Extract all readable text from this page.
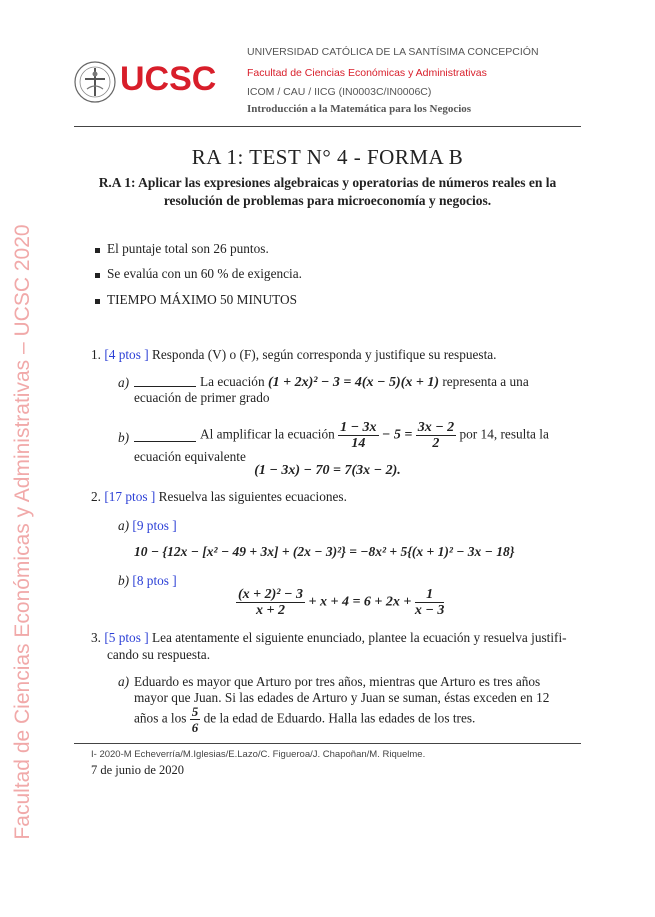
Facultad de Ciencias Económicas y Administrativas – UCSC 2020
UCSC
UNIVERSIDAD CATÓLICA DE LA SANTÍSIMA CONCEPCIÓN
Facultad de Ciencias Económicas y Administrativas
ICOM / CAU / IICG (IN0003C/IN0006C)
Introducción a la Matemática para los Negocios
RA 1: TEST N° 4 - FORMA B
R.A 1: Aplicar las expresiones algebraicas y operatorias de números reales en la
resolución de problemas para microeconomía y negocios.
El puntaje total son 26 puntos.
Se evalúa con un 60 % de exigencia.
TIEMPO MÁXIMO 50 MINUTOS
1. [4 ptos ] Responda (V) o (F), según corresponda y justifique su respuesta.
a)	La ecuación (1 + 2x)² − 3 = 4(x − 5)(x + 1) representa a una
ecuación de primer grado
b)	Al amplificar la ecuación $\frac{1 - 3x}{14} - 5 = \frac{3x - 2}{2}$ por 14, resulta la
ecuación equivalente
(1 − 3x) − 70 = 7(3x − 2).
2. [17 ptos ] Resuelva las siguientes ecuaciones.
a) [9 ptos ]
10 − {12x − [x² − 49 + 3x] + (2x − 3)²} = −8x² + 5{(x + 1)² − 3x − 18}
b) [8 ptos ]
$\frac{\text{(x + 2)² − 3}}{x + 2} + x + 4 = 6 + 2x + \frac{1}{x - 3}$
3. [5 ptos ] Lea atentamente el siguiente enunciado, plantee la ecuación y resuelva justifi-
cando su respuesta.
a) Eduardo es mayor que Arturo por tres años, mientras que Arturo es tres años
mayor que Juan. Si las edades de Arturo y Juan se suman, éstas exceden en 12
años a los $\frac{5}{6}$ de la edad de Eduardo. Halla las edades de los tres.
I- 2020-M Echeverría/M.Iglesias/E.Lazo/C. Figueroa/J. Chapoñan/M. Riquelme.
7 de junio de 2020
